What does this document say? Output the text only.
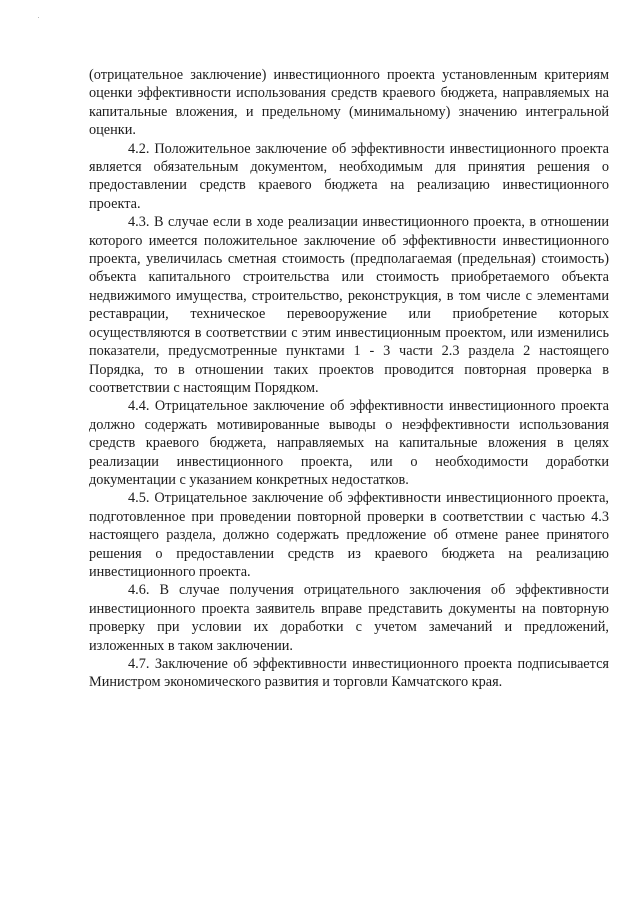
(отрицательное заключение) инвестиционного проекта установленным критериям оценки эффективности использования средств краевого бюджета, направляемых на капитальные вложения, и предельному (минимальному) значению интегральной оценки.

4.2. Положительное заключение об эффективности инвестиционного проекта является обязательным документом, необходимым для принятия решения о предоставлении средств краевого бюджета на реализацию инвестиционного проекта.

4.3. В случае если в ходе реализации инвестиционного проекта, в отношении которого имеется положительное заключение об эффективности инвестиционного проекта, увеличилась сметная стоимость (предполагаемая (предельная) стоимость) объекта капитального строительства или стоимость приобретаемого объекта недвижимого имущества, строительство, реконструкция, в том числе с элементами реставрации, техническое перевооружение или приобретение которых осуществляются в соответствии с этим инвестиционным проектом, или изменились показатели, предусмотренные пунктами 1 - 3 части 2.3 раздела 2 настоящего Порядка, то в отношении таких проектов проводится повторная проверка в соответствии с настоящим Порядком.

4.4. Отрицательное заключение об эффективности инвестиционного проекта должно содержать мотивированные выводы о неэффективности использования средств краевого бюджета, направляемых на капитальные вложения в целях реализации инвестиционного проекта, или о необходимости доработки документации с указанием конкретных недостатков.

4.5. Отрицательное заключение об эффективности инвестиционного проекта, подготовленное при проведении повторной проверки в соответствии с частью 4.3 настоящего раздела, должно содержать предложение об отмене ранее принятого решения о предоставлении средств из краевого бюджета на реализацию инвестиционного проекта.

4.6. В случае получения отрицательного заключения об эффективности инвестиционного проекта заявитель вправе представить документы на повторную проверку при условии их доработки с учетом замечаний и предложений, изложенных в таком заключении.

4.7. Заключение об эффективности инвестиционного проекта подписывается Министром экономического развития и торговли Камчатского края.
